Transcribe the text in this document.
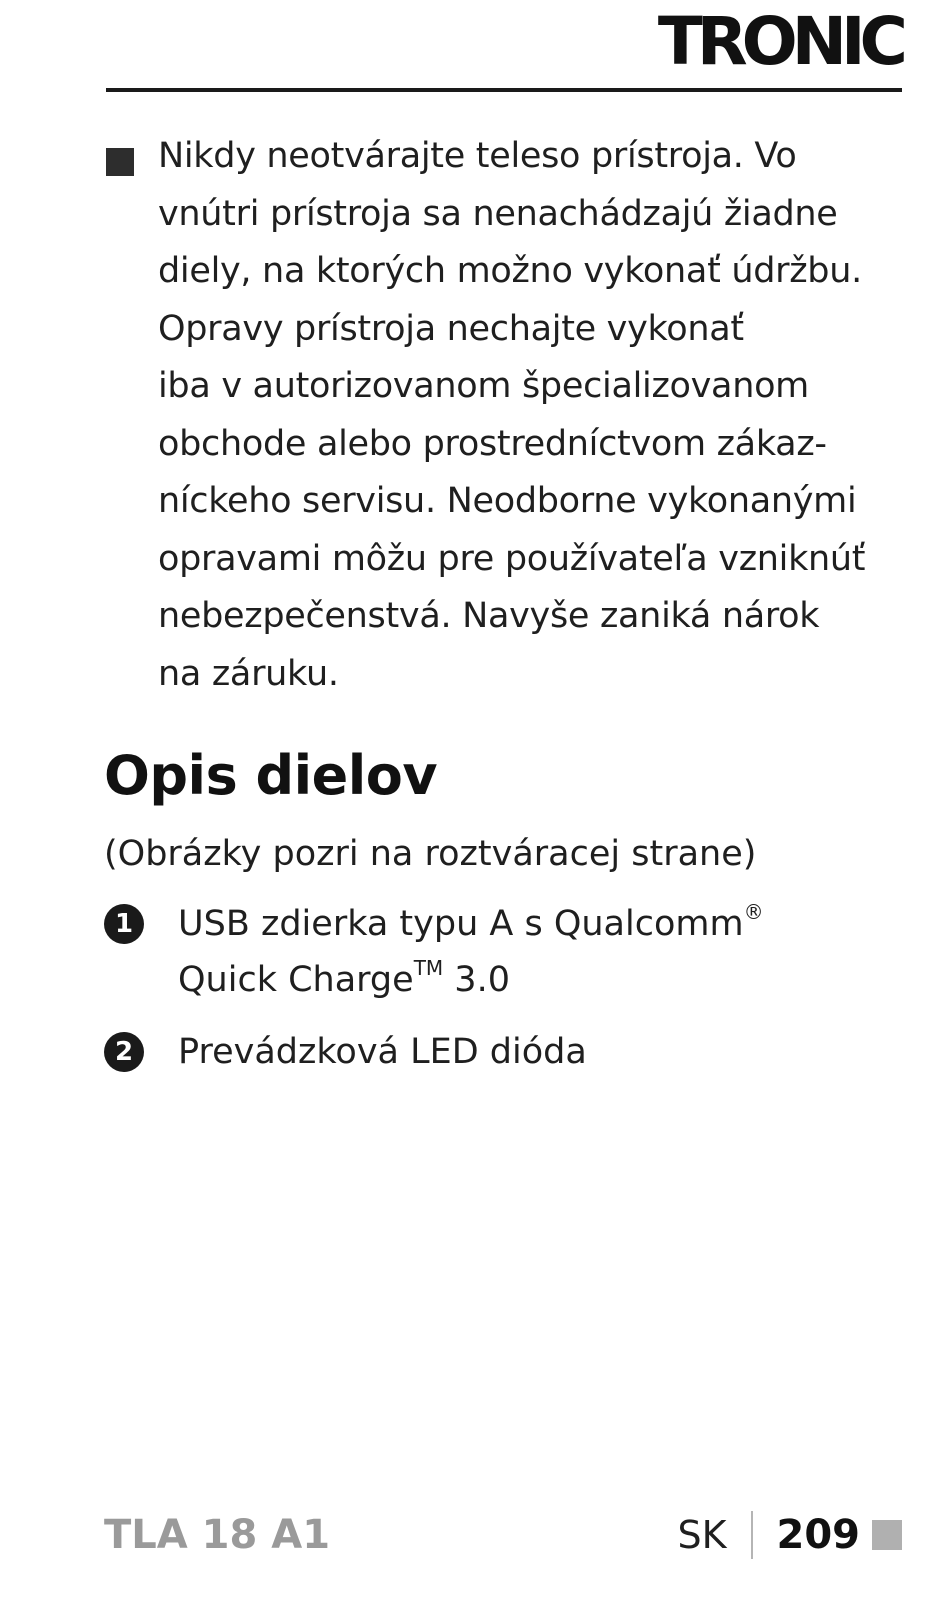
TRONIC
Nikdy neotvárajte teleso prístroja. Vo
vnútri prístroja sa nenachádzajú žiadne
diely, na ktorých možno vykonať údržbu.
Opravy prístroja nechajte vykonať
iba v autorizovanom špecializovanom
obchode alebo prostredníctvom zákaz-
níckeho servisu. Neodborne vykonanými
opravami môžu pre používateľa vzniknúť
nebezpečenstvá. Navyše zaniká nárok
na záruku.
Opis dielov
(Obrázky pozri na roztváracej strane)
1	USB zdierka typu A s Qualcomm®
Quick Charge™ 3.0
2	Prevádzková LED dióda
TLA 18 A1	SK 209
